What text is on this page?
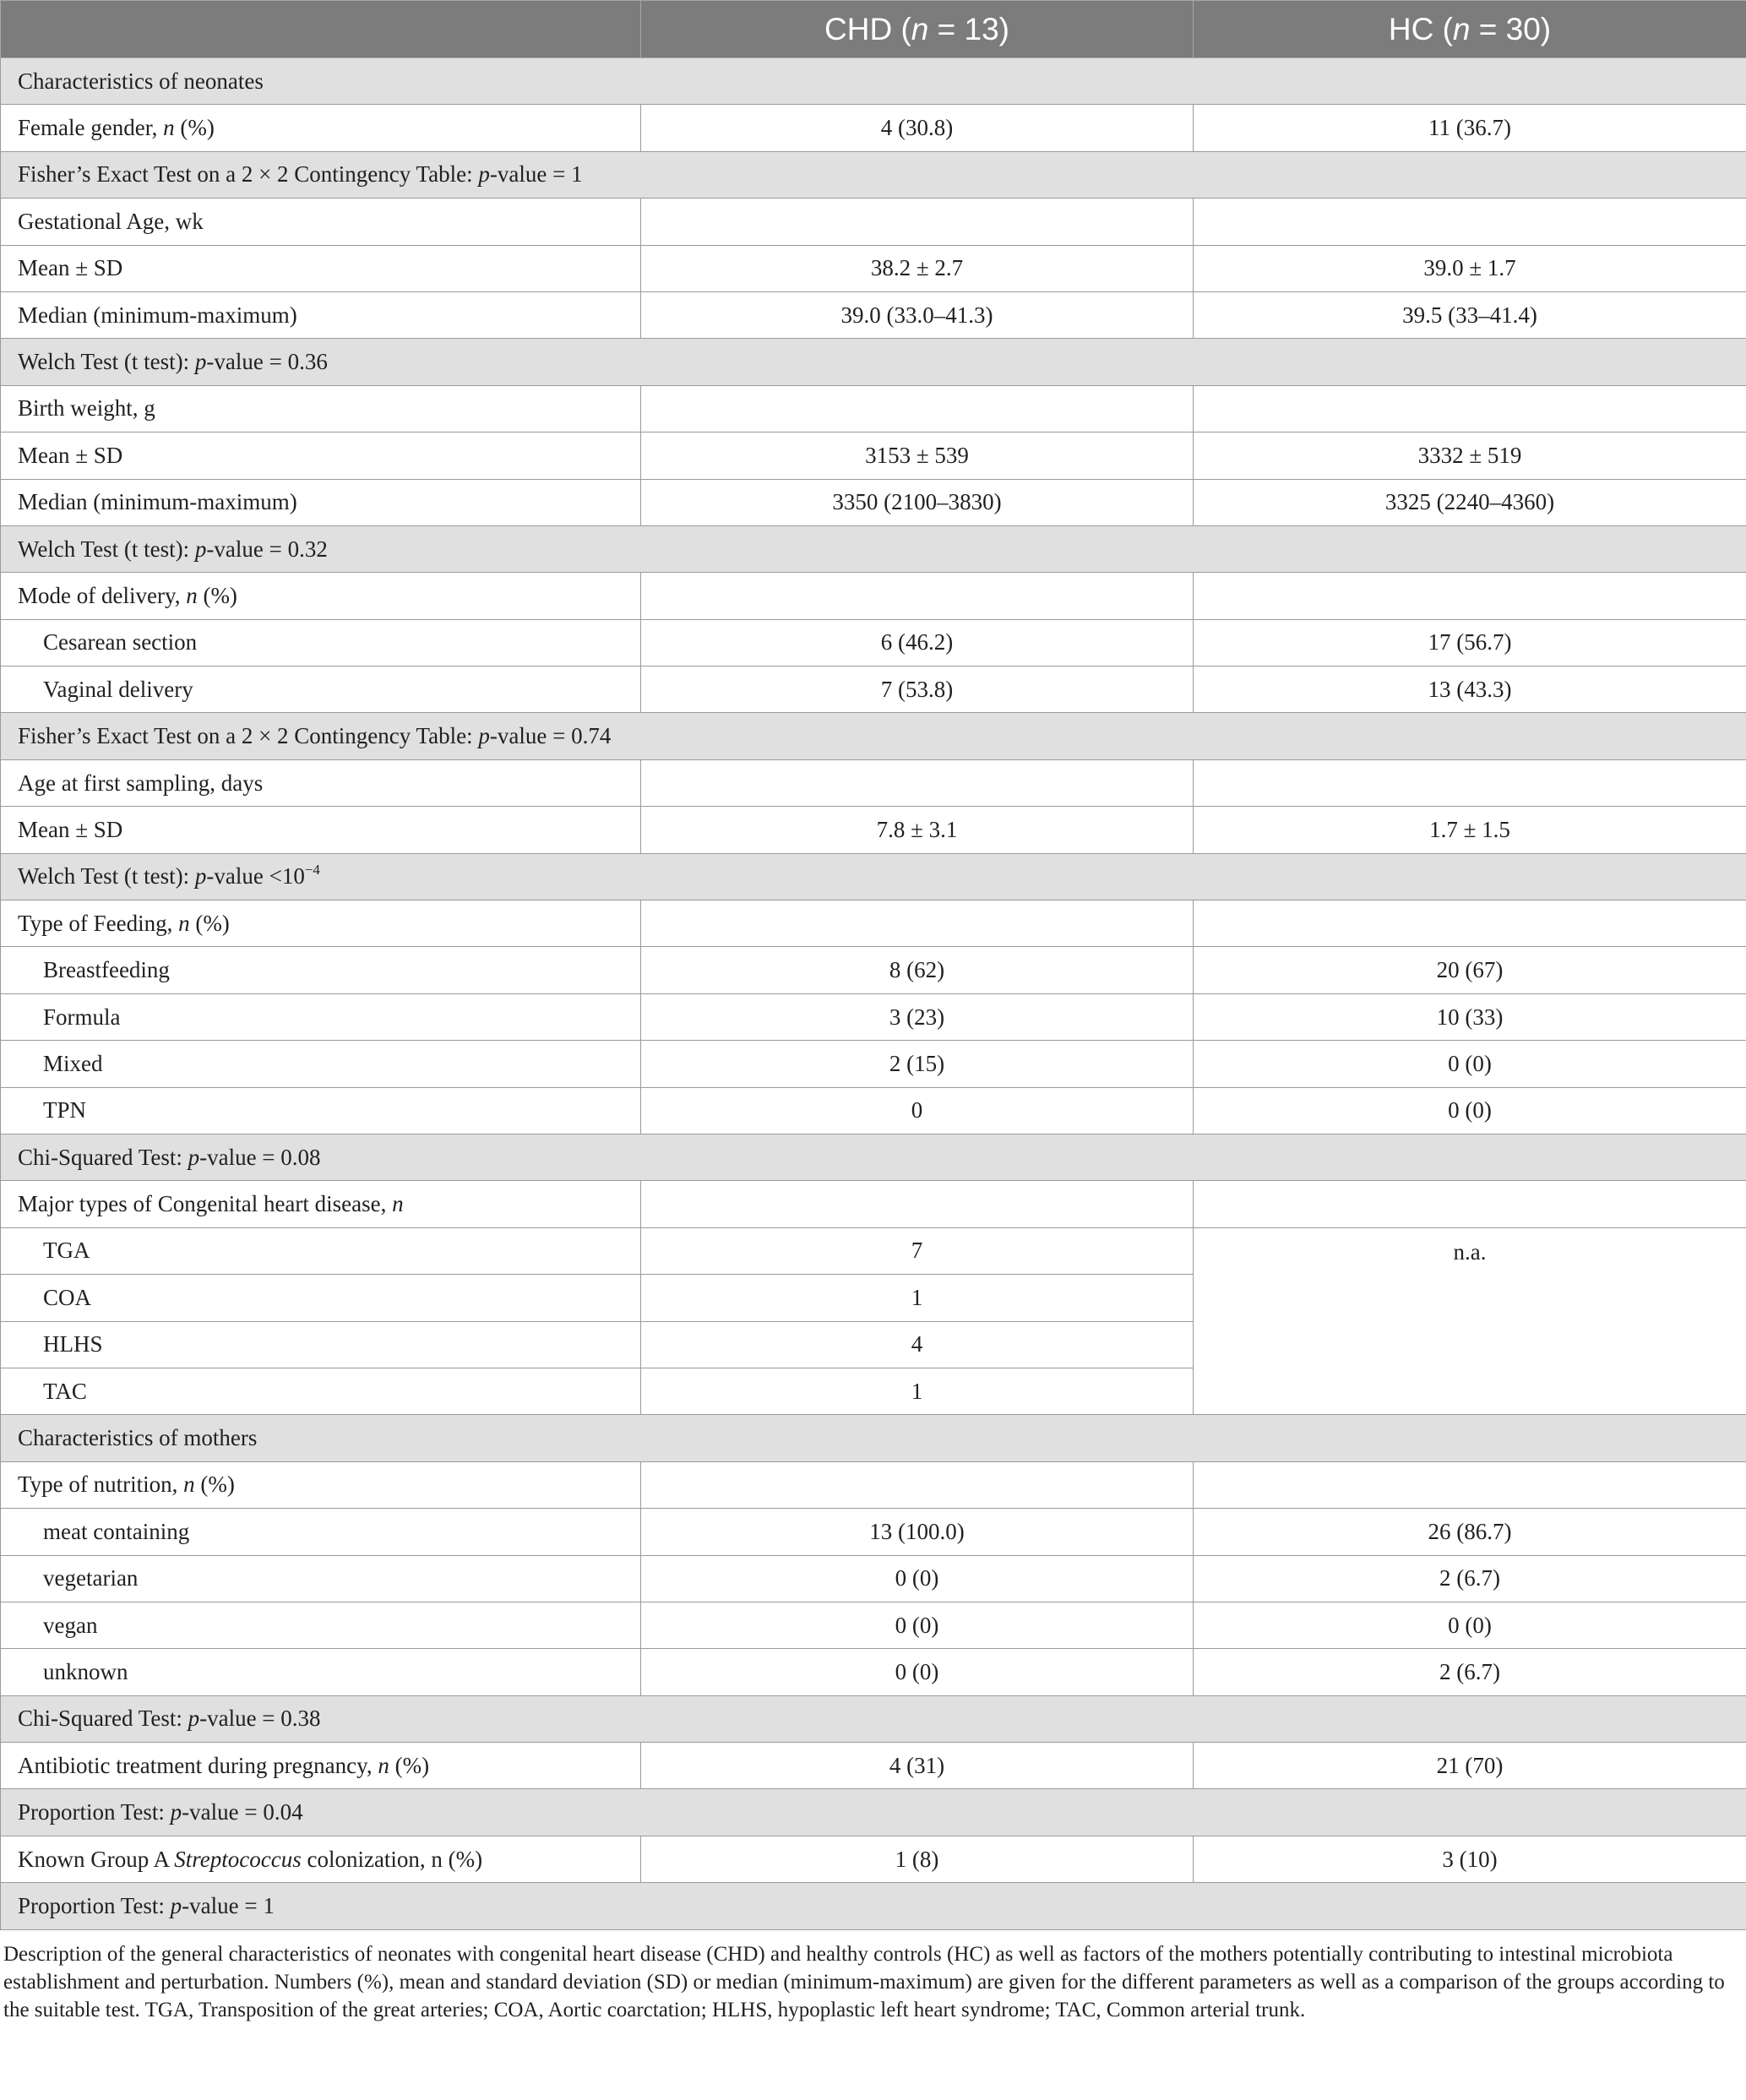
	CHD (n = 13)	HC (n = 30)
Characteristics of neonates		
Female gender, n (%)	4 (30.8)	11 (36.7)
Fisher’s Exact Test on a 2 × 2 Contingency Table: p-value = 1		
Gestational Age, wk		
Mean ± SD	38.2 ± 2.7	39.0 ± 1.7
Median (minimum-maximum)	39.0 (33.0–41.3)	39.5 (33–41.4)
Welch Test (t test): p-value = 0.36		
Birth weight, g		
Mean ± SD	3153 ± 539	3332 ± 519
Median (minimum-maximum)	3350 (2100–3830)	3325 (2240–4360)
Welch Test (t test): p-value = 0.32		
Mode of delivery, n (%)		
Cesarean section	6 (46.2)	17 (56.7)
Vaginal delivery	7 (53.8)	13 (43.3)
Fisher’s Exact Test on a 2 × 2 Contingency Table: p-value = 0.74		
Age at first sampling, days		
Mean ± SD	7.8 ± 3.1	1.7 ± 1.5
Welch Test (t test): p-value $<10^{-4}$
Type of Feeding, n (%)		
Breastfeeding	8 (62)	20 (67)
Formula	3 (23)	10 (33)
Mixed	2 (15)	0 (0)
TPN	0	0 (0)
Chi-Squared Test: p-value = 0.08		
Major types of Congenital heart disease, n		
TGA	7	n.a.
COA	1	
HLHS	4	
TAC	1	
Characteristics of mothers		
Type of nutrition, n (%)		
meat containing	13 (100.0)	26 (86.7)
vegetarian	0 (0)	2 (6.7)
vegan	0 (0)	0 (0)
unknown	0 (0)	2 (6.7)
Chi-Squared Test: p-value = 0.38		
Antibiotic treatment during pregnancy, n (%)	4 (31)	21 (70)
Proportion Test: p-value = 0.04		
Known Group A Streptococcus colonization, n (%)	1 (8)	3 (10)
Proportion Test: p-value = 1		
Description of the general characteristics of neonates with congenital heart disease (CHD) and healthy controls (HC) as well as factors of the mothers potentially contributing to intestinal microbiota establishment and perturbation. Numbers (%), mean and standard deviation (SD) or median (minimum-maximum) are given for the different parameters as well as a comparison of the groups according to the suitable test. TGA, Transposition of the great arteries; COA, Aortic coarctation; HLHS, hypoplastic left heart syndrome; TAC, Common arterial trunk.
